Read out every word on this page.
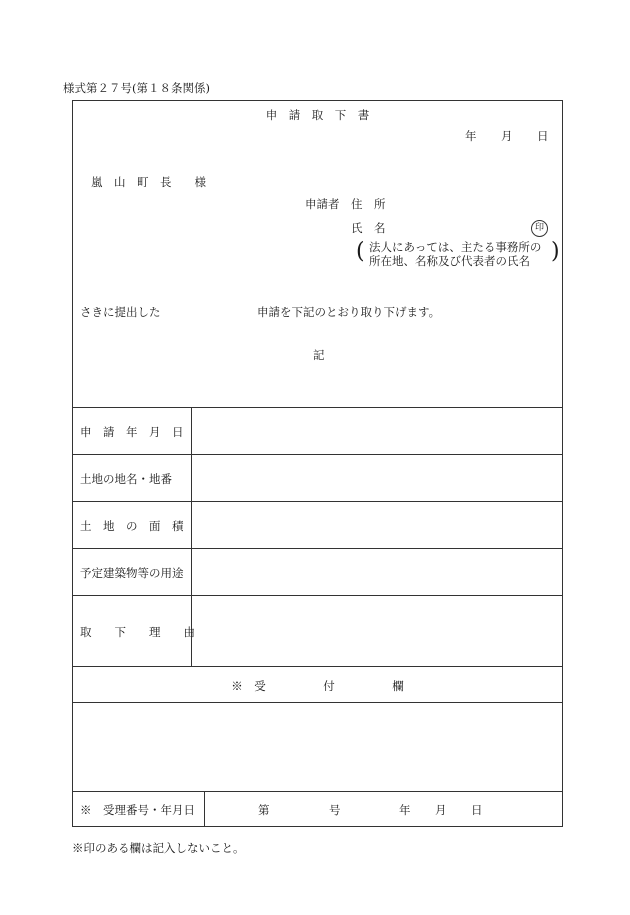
様式第２７号(第１８条関係)
申　請　取　下　書
年 月 日
嵐　山　町　長　　様
申請者　住　所
氏　名	印
( 法人にあっては、主たる事務所の
所在地、名称及び代表者の氏名 )
さきに提出した	申請を下記のとおり取り下げます。
記
申　請　年　月　日
土地の地名・地番
土　地　の　面　積
予定建築物等の用途
取　　下　　理　　由
※　受　　　　　付　　　　　欄
※　受理番号・年月日	第	号	年 月 日
※印のある欄は記入しないこと。
